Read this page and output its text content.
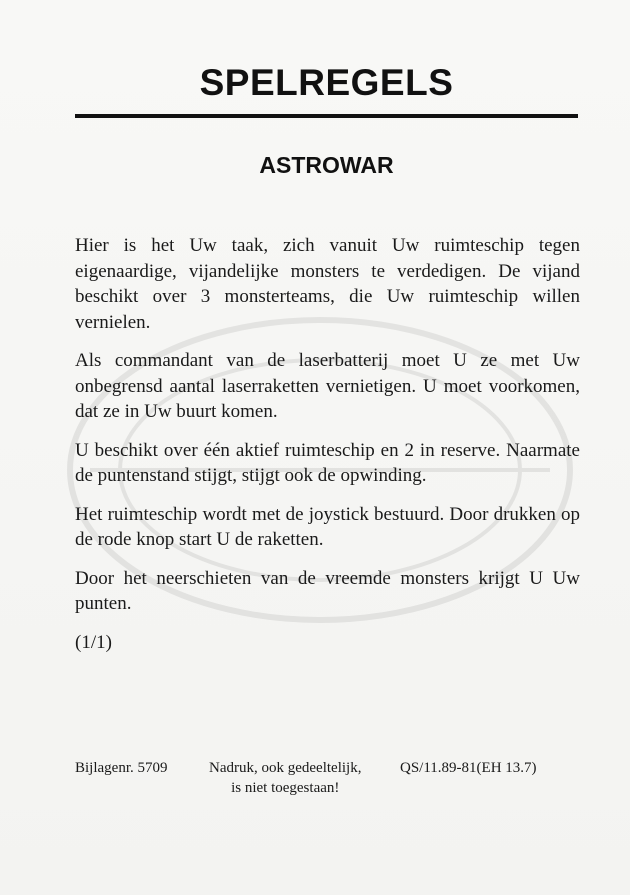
SPELREGELS
ASTROWAR

Hier is het Uw taak, zich vanuit Uw ruimteschip tegen eigenaardige, vijandelijke monsters te verdedigen. De vijand beschikt over 3 monsterteams, die Uw ruimteschip willen vernielen.

Als commandant van de laserbatterij moet U ze met Uw onbegrensd aantal laserraketten vernietigen. U moet voorkomen, dat ze in Uw buurt komen.

U beschikt over één aktief ruimteschip en 2 in reserve. Naarmate de puntenstand stijgt, stijgt ook de opwinding.

Het ruimteschip wordt met de joystick bestuurd. Door drukken op de rode knop start U de raketten.

Door het neerschieten van de vreemde monsters krijgt U Uw punten.

(1/1)

Bijlagenr. 5709	Nadruk, ook gedeeltelijk,
is niet toegestaan!
QS/11.89-81(EH 13.7)
